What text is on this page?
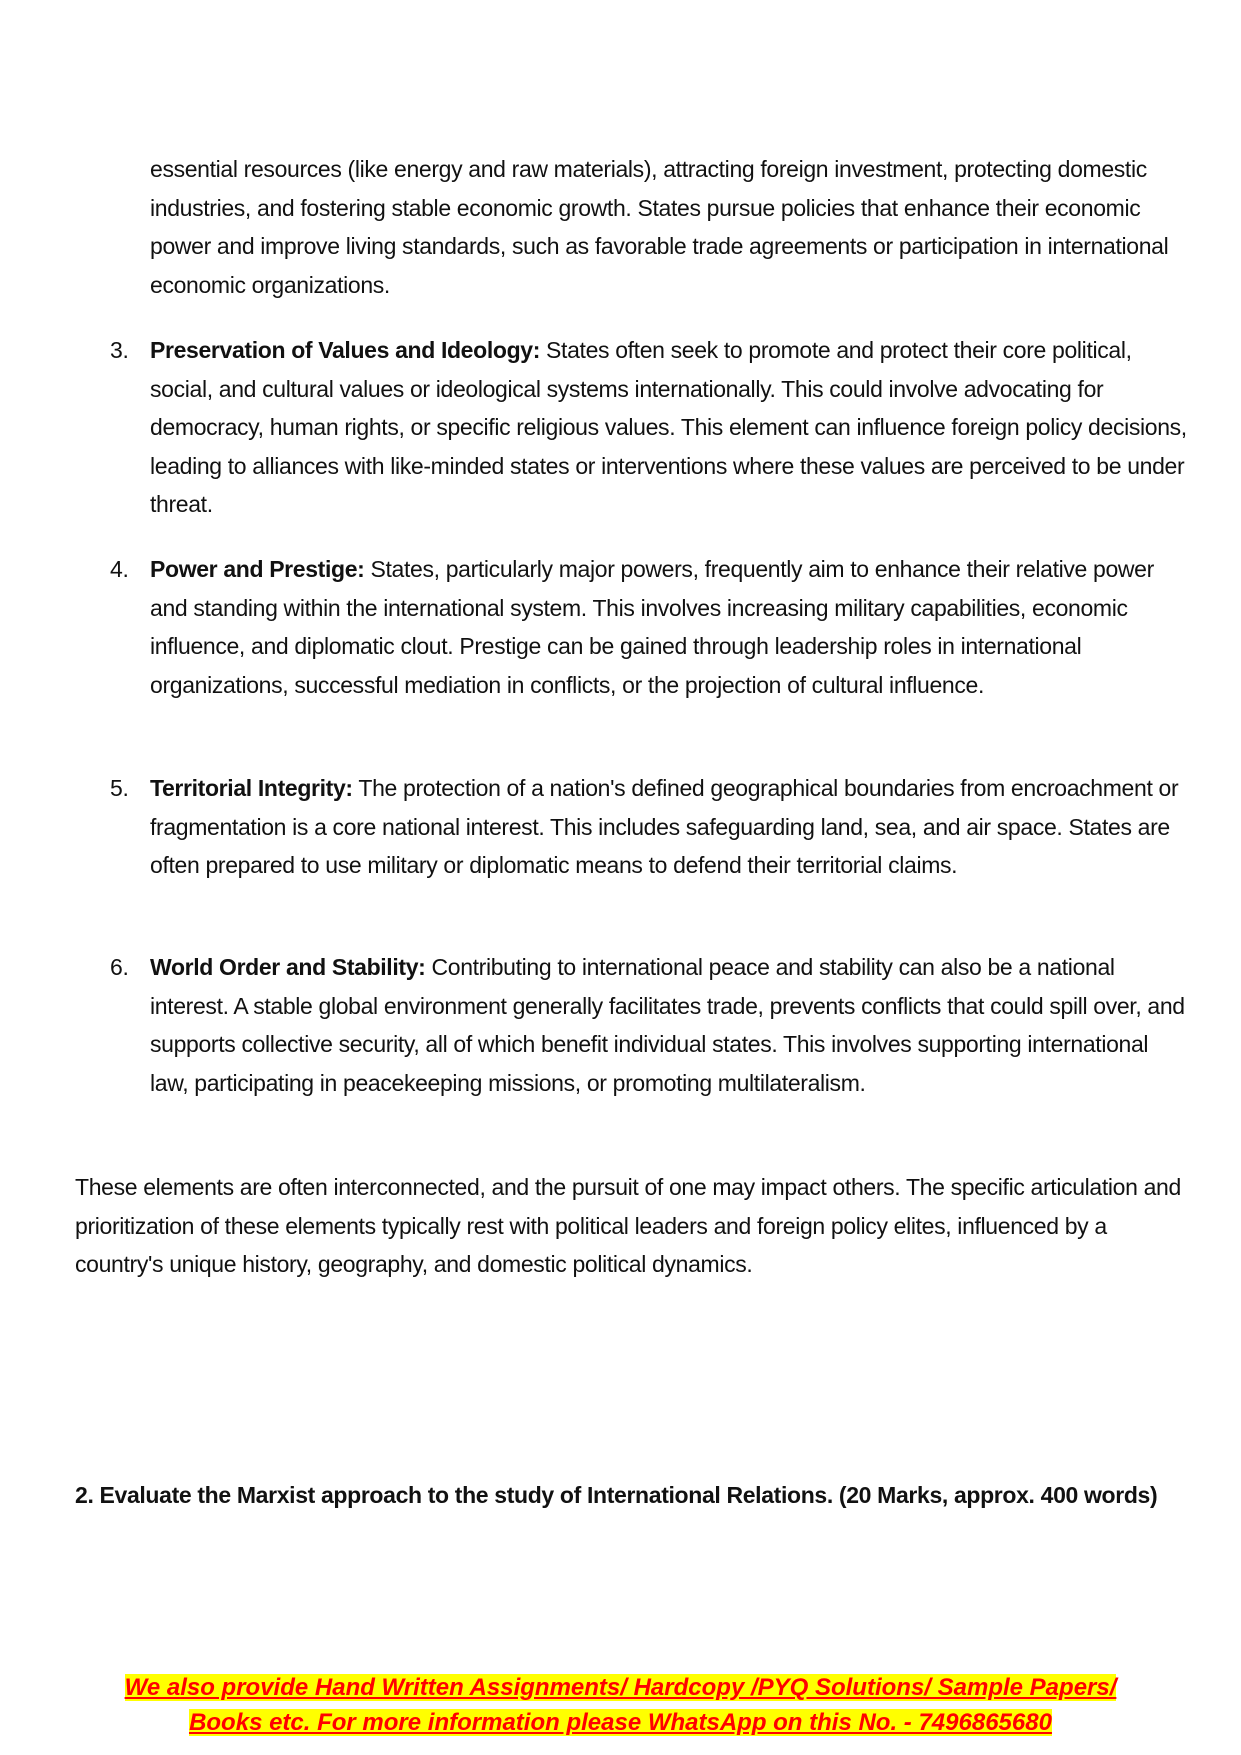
essential resources (like energy and raw materials), attracting foreign investment, protecting domestic industries, and fostering stable economic growth. States pursue policies that enhance their economic power and improve living standards, such as favorable trade agreements or participation in international economic organizations.
3. Preservation of Values and Ideology: States often seek to promote and protect their core political, social, and cultural values or ideological systems internationally. This could involve advocating for democracy, human rights, or specific religious values. This element can influence foreign policy decisions, leading to alliances with like-minded states or interventions where these values are perceived to be under threat.
4. Power and Prestige: States, particularly major powers, frequently aim to enhance their relative power and standing within the international system. This involves increasing military capabilities, economic influence, and diplomatic clout. Prestige can be gained through leadership roles in international organizations, successful mediation in conflicts, or the projection of cultural influence.
5. Territorial Integrity: The protection of a nation's defined geographical boundaries from encroachment or fragmentation is a core national interest. This includes safeguarding land, sea, and air space. States are often prepared to use military or diplomatic means to defend their territorial claims.
6. World Order and Stability: Contributing to international peace and stability can also be a national interest. A stable global environment generally facilitates trade, prevents conflicts that could spill over, and supports collective security, all of which benefit individual states. This involves supporting international law, participating in peacekeeping missions, or promoting multilateralism.
These elements are often interconnected, and the pursuit of one may impact others. The specific articulation and prioritization of these elements typically rest with political leaders and foreign policy elites, influenced by a country's unique history, geography, and domestic political dynamics.
2. Evaluate the Marxist approach to the study of International Relations. (20 Marks, approx. 400 words)
We also provide Hand Written Assignments/ Hardcopy /PYQ Solutions/ Sample Papers/
Books etc. For more information please WhatsApp on this No. - 7496865680
